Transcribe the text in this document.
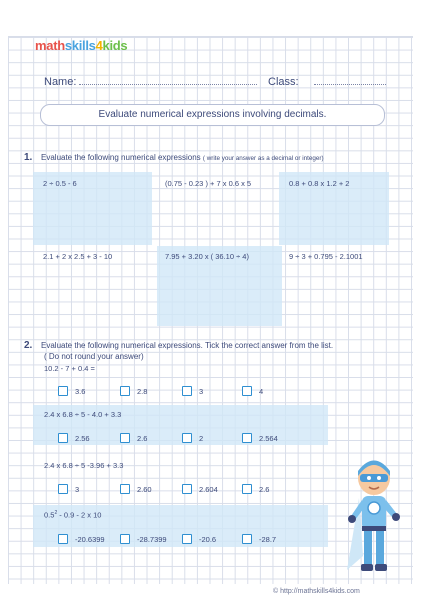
mathskills4kids
Name:	Class:
Evaluate numerical expressions involving decimals.
1. Evaluate the following numerical expressions ( write your answer as a decimal or integer)
2 ÷ 0.5 - 6	(0.75 - 0.23 ) + 7 x 0.6 x 5	0.8 + 0.8 x 1.2 + 2
2.1 + 2 x 2.5 + 3 - 10	7.95 + 3.20 x ( 36.10 ÷ 4)	9 ÷ 3 + 0.795 - 2.1001
2. Evaluate the following numerical expressions. Tick the correct answer from the list.
( Do not round your answer)
10.2 - 7 + 0.4 =
3.6	2.8	3	4
2.4 x 6.8 ÷ 5 - 4.0 + 3.3
2.56	2.6	2	2.564
2.4 x 6.8 ÷ 5 -3.96 + 3.3
3	2.60	2.604	2.6
$0.5^2 - 0.9 - 2$ x 10
-20.6399	-28.7399	-20.6	-28.7
© http://mathskills4kids.com
